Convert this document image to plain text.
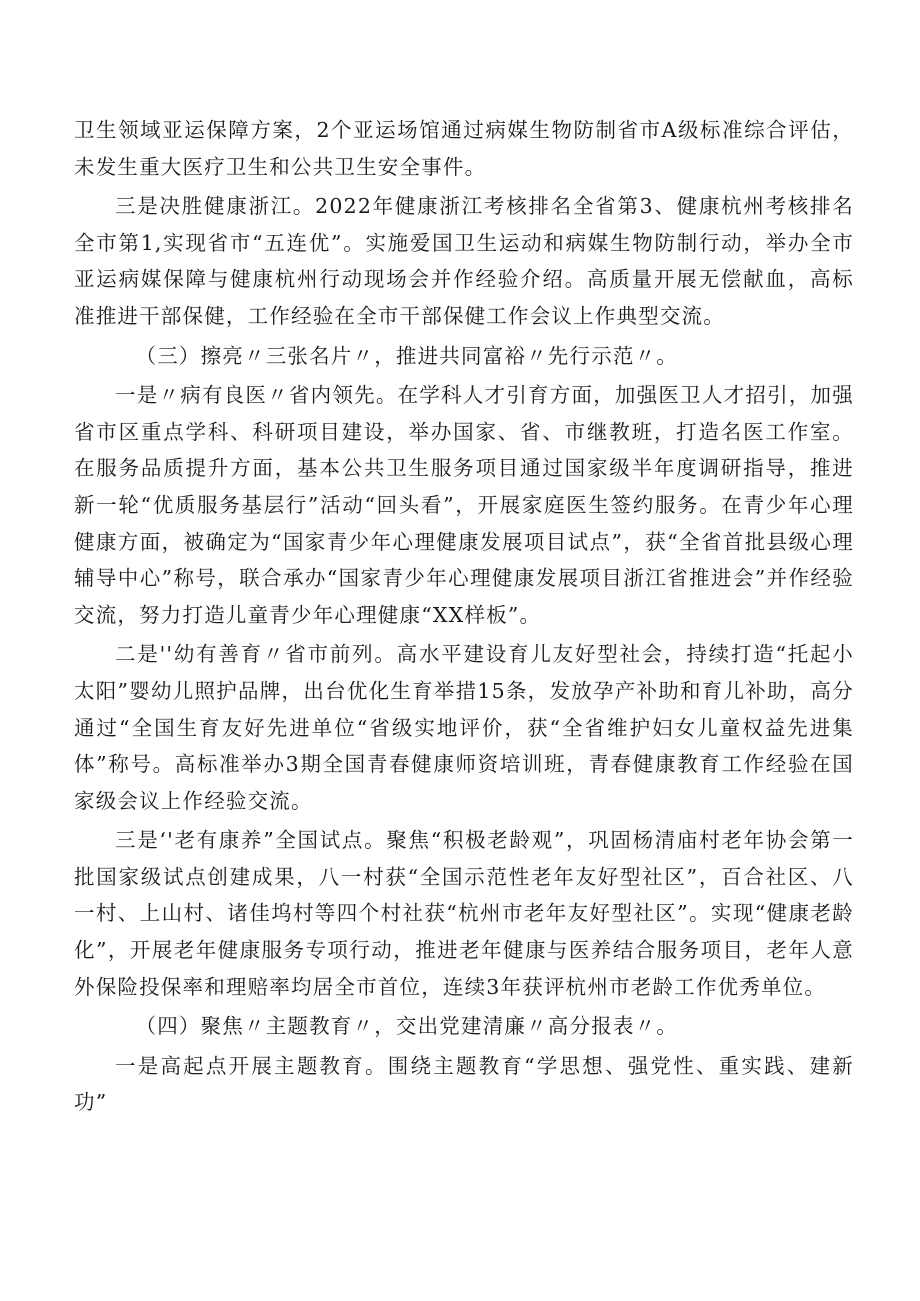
卫生领域亚运保障方案，2个亚运场馆通过病媒生物防制省市A级标准综合评估，未发生重大医疗卫生和公共卫生安全事件。

三是决胜健康浙江。2022年健康浙江考核排名全省第3、健康杭州考核排名全市第1,实现省市“五连优”。实施爱国卫生运动和病媒生物防制行动，举办全市亚运病媒保障与健康杭州行动现场会并作经验介绍。高质量开展无偿献血，高标准推进干部保健，工作经验在全市干部保健工作会议上作典型交流。

（三）擦亮〃三张名片〃，推进共同富裕〃先行示范〃。

一是〃病有良医〃省内领先。在学科人才引育方面，加强医卫人才招引，加强省市区重点学科、科研项目建设，举办国家、省、市继教班，打造名医工作室。在服务品质提升方面，基本公共卫生服务项目通过国家级半年度调研指导，推进新一轮“优质服务基层行”活动“回头看”，开展家庭医生签约服务。在青少年心理健康方面，被确定为“国家青少年心理健康发展项目试点”，获“全省首批县级心理辅导中心”称号，联合承办“国家青少年心理健康发展项目浙江省推进会”并作经验交流，努力打造儿童青少年心理健康“XX样板”。

二是''幼有善育〃省市前列。高水平建设育儿友好型社会，持续打造“托起小太阳”婴幼儿照护品牌，出台优化生育举措15条，发放孕产补助和育儿补助，高分通过“全国生育友好先进单位“省级实地评价，获“全省维护妇女儿童权益先进集体”称号。高标准举办3期全国青春健康师资培训班，青春健康教育工作经验在国家级会议上作经验交流。

三是‘'老有康养”全国试点。聚焦“积极老龄观”，巩固杨清庙村老年协会第一批国家级试点创建成果，八一村获“全国示范性老年友好型社区”，百合社区、八一村、上山村、诸佳坞村等四个村社获“杭州市老年友好型社区”。实现“健康老龄化”，开展老年健康服务专项行动，推进老年健康与医养结合服务项目，老年人意外保险投保率和理赔率均居全市首位，连续3年获评杭州市老龄工作优秀单位。

（四）聚焦〃主题教育〃，交出党建清廉〃高分报表〃。

一是高起点开展主题教育。围绕主题教育“学思想、强党性、重实践、建新功”
